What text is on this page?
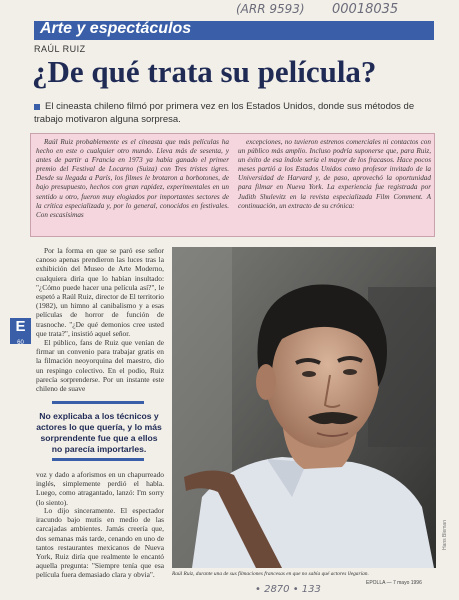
(ARR 9593) 00018035
Arte y espectáculos
RAÚL RUIZ
¿De qué trata su película?
El cineasta chileno filmó por primera vez en los Estados Unidos, donde sus métodos de trabajo motivaron alguna sorpresa.
Raúl Ruiz probablemente es el cineasta que más películas ha hecho en este o cualquier otro mundo. Lleva más de sesenta, y antes de partir a Francia en 1973 ya había ganado el primer premio del Festival de Locarno (Suiza) con Tres tristes tigres. Desde su llegada a París, los filmes le brotaron a borbotones, de bajo presupuesto, hechos con gran rapidez, experimentales en un sentido u otro, fueron muy elogiados por importantes sectores de la crítica especializada y, por lo general, conocidos en festivales. Con escasísimas
excepciones, no tuvieron estrenos comerciales ni contactos con un público más amplio. Incluso podría suponerse que, para Ruiz, un éxito de esa índole sería el mayor de los fracasos. Hace pocos meses partió a los Estados Unidos como profesor invitado de la Universidad de Harvard y, de paso, aprovechó la oportunidad para filmar en Nueva York. La experiencia fue registrada por Judith Shulevitz en la revista especializada Film Comment. A continuación, un extracto de su crónica:
E
60

Por la forma en que se paró ese señor canoso apenas prendieron las luces tras la exhibición del Museo de Arte Moderno, cualquiera diría que lo habían insultado: "¿Cómo puede hacer una película así?", le espetó a Raúl Ruiz, director de El territorio (1982), un himno al canibalismo y a esas películas de horror de función de trasnoche. "¿De qué demonios cree usted que trata?", insistió aquel señor.

El público, fans de Ruiz que venían de firmar un convenio para trabajar gratis en la filmación neoyorquina del maestro, dio un respingo colectivo. En el podio, Ruiz parecía sorprenderse. Por un instante este chileno de suave

No explicaba a los técnicos y actores lo que quería, y lo más sorprendente fue que a ellos no parecía importarles.

voz y dado a aforismos en un chapurreado inglés, simplemente perdió el habla. Luego, como atragantado, lanzó: I'm sorry (lo siento).

Lo dijo sinceramente. El espectador iracundo bajo mutis en medio de las carcajadas ambientes. Jamás creería que, dos semanas más tarde, cenando en uno de tantos restaurantes mexicanos de Nueva York, Ruiz diría que realmente le encantó aquella pregunta: "Siempre tenía que esa película fuera demasiado clara y obvia".

Hans Bleman
Raúl Ruiz, durante una de sus filmaciones francesas en que no sabía qué actores llegarían.
EPOLLA — 7 mayo 1996
• 2870 • 133
